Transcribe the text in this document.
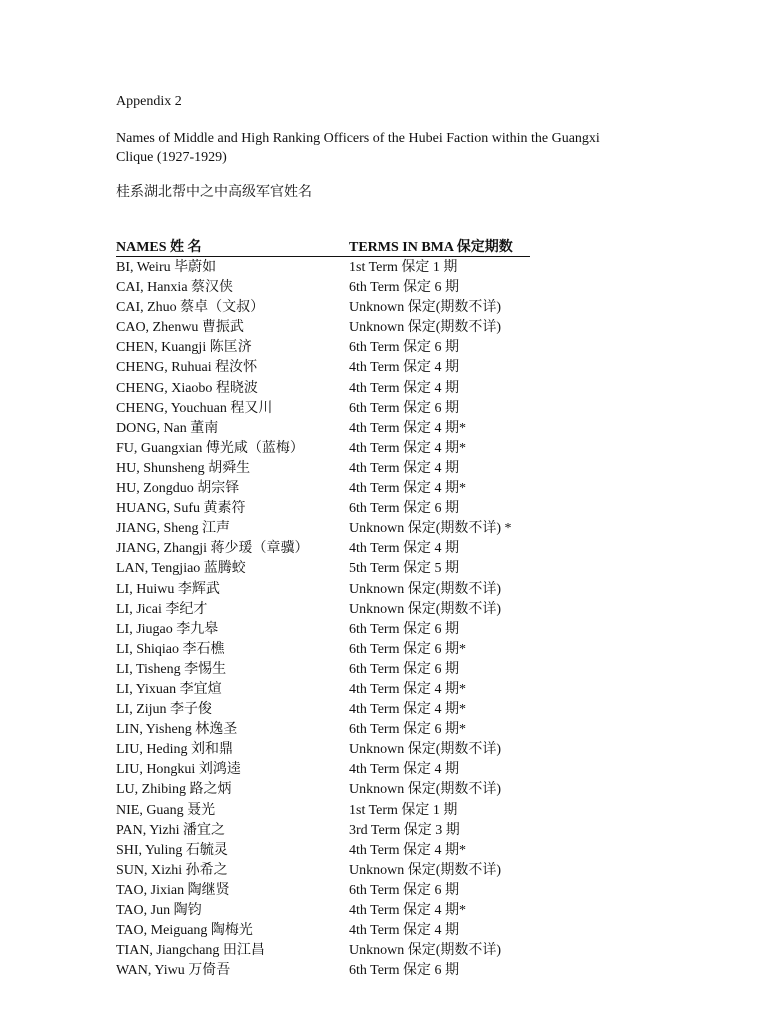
Appendix 2
Names of Middle and High Ranking Officers of the Hubei Faction within the Guangxi
Clique (1927-1929)
桂系湖北帮中之中高级军官姓名
NAMES 姓 名	TERMS IN BMA 保定期数
BI, Weiru 毕蔚如	1st Term 保定 1 期
CAI, Hanxia 蔡汉侠	6th Term 保定 6 期
CAI, Zhuo 蔡卓（文叔）	Unknown 保定(期数不详)
CAO, Zhenwu 曹振武	Unknown 保定(期数不详)
CHEN, Kuangji 陈匡济	6th Term 保定 6 期
CHENG, Ruhuai 程汝怀	4th Term 保定 4 期
CHENG, Xiaobo 程晓波	4th Term 保定 4 期
CHENG, Youchuan 程又川	6th Term 保定 6 期
DONG, Nan 董南	4th Term 保定 4 期*
FU, Guangxian 傅光咸（蓝梅）	4th Term 保定 4 期*
HU, Shunsheng 胡舜生	4th Term 保定 4 期
HU, Zongduo 胡宗铎	4th Term 保定 4 期*
HUANG, Sufu 黄素符	6th Term 保定 6 期
JIANG, Sheng 江声	Unknown 保定(期数不详) *
JIANG, Zhangji 蒋少瑗（章骥）	4th Term 保定 4 期
LAN, Tengjiao 蓝腾蛟	5th Term 保定 5 期
LI, Huiwu 李辉武	Unknown 保定(期数不详)
LI, Jicai 李纪才	Unknown 保定(期数不详)
LI, Jiugao 李九皋	6th Term 保定 6 期
LI, Shiqiao 李石樵	6th Term 保定 6 期*
LI, Tisheng 李惕生	6th Term 保定 6 期
LI, Yixuan 李宜煊	4th Term 保定 4 期*
LI, Zijun 李子俊	4th Term 保定 4 期*
LIN, Yisheng 林逸圣	6th Term 保定 6 期*
LIU, Heding 刘和鼎	Unknown 保定(期数不详)
LIU, Hongkui 刘鸿逵	4th Term 保定 4 期
LU, Zhibing 路之炳	Unknown 保定(期数不详)
NIE, Guang 聂光	1st Term 保定 1 期
PAN, Yizhi 潘宜之	3rd Term 保定 3 期
SHI, Yuling 石毓灵	4th Term 保定 4 期*
SUN, Xizhi 孙希之	Unknown 保定(期数不详)
TAO, Jixian 陶继贤	6th Term 保定 6 期
TAO, Jun 陶钧	4th Term 保定 4 期*
TAO, Meiguang 陶梅光	4th Term 保定 4 期
TIAN, Jiangchang 田江昌	Unknown 保定(期数不详)
WAN, Yiwu 万倚吾	6th Term 保定 6 期
